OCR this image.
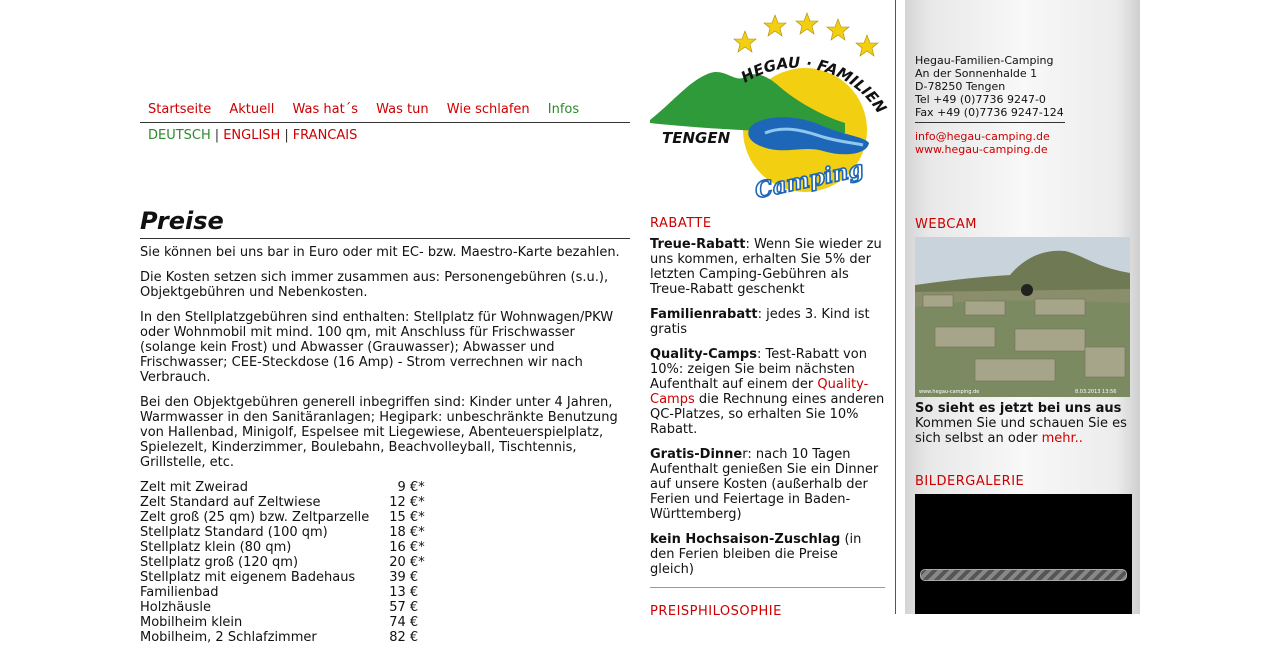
Startseite Aktuell Was hat´s Was tun Wie schlafen Infos
DEUTSCH | ENGLISH | FRANCAIS
HEGAU · FAMILIEN
TENGEN
Camping
Preise

Sie können bei uns bar in Euro oder mit EC- bzw. Maestro-Karte bezahlen.

Die Kosten setzen sich immer zusammen aus: Personengebühren (s.u.), Objektgebühren und Nebenkosten.

In den Stellplatzgebühren sind enthalten: Stellplatz für Wohnwagen/PKW oder Wohnmobil mit mind. 100 qm, mit Anschluss für Frischwasser (solange kein Frost) und Abwasser (Grauwasser); Abwasser und Frischwasser; CEE-Steckdose (16 Amp) - Strom verrechnen wir nach Verbrauch.

Bei den Objektgebühren generell inbegriffen sind: Kinder unter 4 Jahren, Warmwasser in den Sanitäranlagen; Hegipark: unbeschränkte Benutzung von Hallenbad, Minigolf, Espelsee mit Liegewiese, Abenteuerspielplatz, Spielezelt, Kinderzimmer, Boulebahn, Beachvolleyball, Tischtennis, Grillstelle, etc.

Zelt mit Zweirad	9 €	*
Zelt Standard auf Zeltwiese	12 €	*
Zelt groß (25 qm) bzw. Zeltparzelle	15 €	*
Stellplatz Standard (100 qm)	18 €	*
Stellplatz klein (80 qm)	16 €	*
Stellplatz groß (120 qm)	20 €	*
Stellplatz mit eigenem Badehaus	39 €	
Familienbad	13 €	
Holzhäusle	57 €	
Mobilheim klein	74 €	
Mobilheim, 2 Schlafzimmer	82 €	
RABATTE

Treue-Rabatt: Wenn Sie wieder zu uns kommen, erhalten Sie 5% der letzten Camping-Gebühren als Treue-Rabatt geschenkt

Familienrabatt: jedes 3. Kind ist gratis

Quality-Camps: Test-Rabatt von 10%: zeigen Sie beim nächsten Aufenthalt auf einem der Quality-Camps die Rechnung eines anderen QC-Platzes, so erhalten Sie 10% Rabatt.

Gratis-Dinner: nach 10 Tagen Aufenthalt genießen Sie ein Dinner auf unsere Kosten (außerhalb der Ferien und Feiertage in Baden-Württemberg)

kein Hochsaison-Zuschlag (in den Ferien bleiben die Preise gleich)

PREISPHILOSOPHIE
Hegau-Familien-Camping
An der Sonnenhalde 1
D-78250 Tengen
Tel +49 (0)7736 9247-0
Fax +49 (0)7736 9247-124
info@hegau-camping.de
www.hegau-camping.de
WEBCAM
www.hegau-camping.de	8.03.2013 13:56
So sieht es jetzt bei uns aus
Kommen Sie und schauen Sie es sich selbst an oder mehr..
BILDERGALERIE
